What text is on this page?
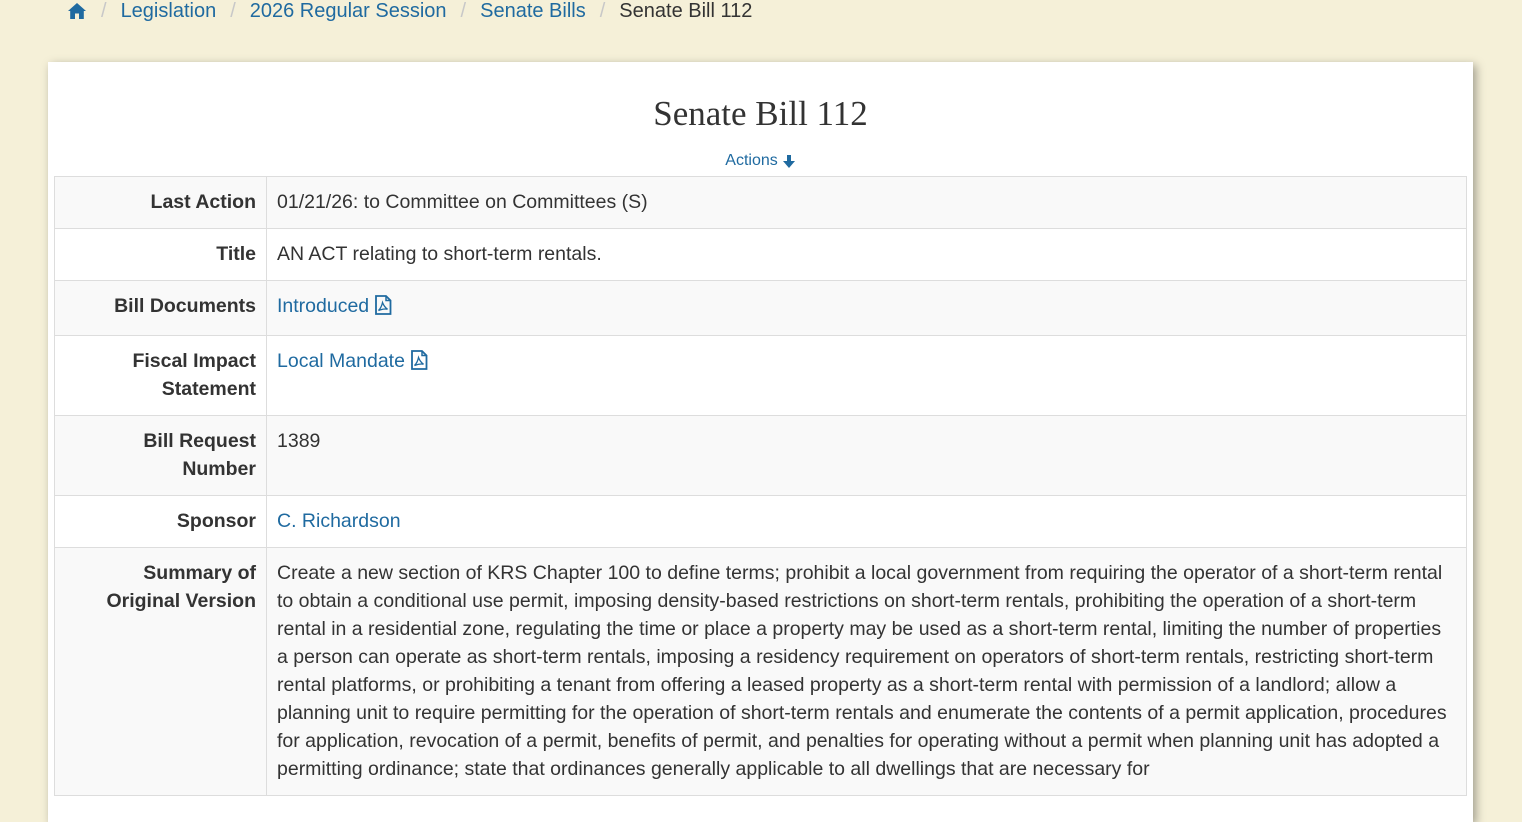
/ Legislation / 2026 Regular Session / Senate Bills / Senate Bill 112
Senate Bill 112
Actions
Last Action	01/21/26: to Committee on Committees (S)
Title	AN ACT relating to short-term rentals.
Bill Documents	Introduced
Fiscal Impact
Statement	Local Mandate
Bill Request
Number	1389
Sponsor	C. Richardson
Summary of
Original Version	Create a new section of KRS Chapter 100 to define terms; prohibit a local government from requiring the operator of a short-term rental to obtain a conditional use permit, imposing density-based restrictions on short-term rentals, prohibiting the operation of a short-term rental in a residential zone, regulating the time or place a property may be used as a short-term rental, limiting the number of properties a person can operate as short-term rentals, imposing a residency requirement on operators of short-term rentals, restricting short-term rental platforms, or prohibiting a tenant from offering a leased property as a short-term rental with permission of a landlord; allow a planning unit to require permitting for the operation of short-term rentals and enumerate the contents of a permit application, procedures for application, revocation of a permit, benefits of permit, and penalties for operating without a permit when planning unit has adopted a permitting ordinance; state that ordinances generally applicable to all dwellings that are necessary for
